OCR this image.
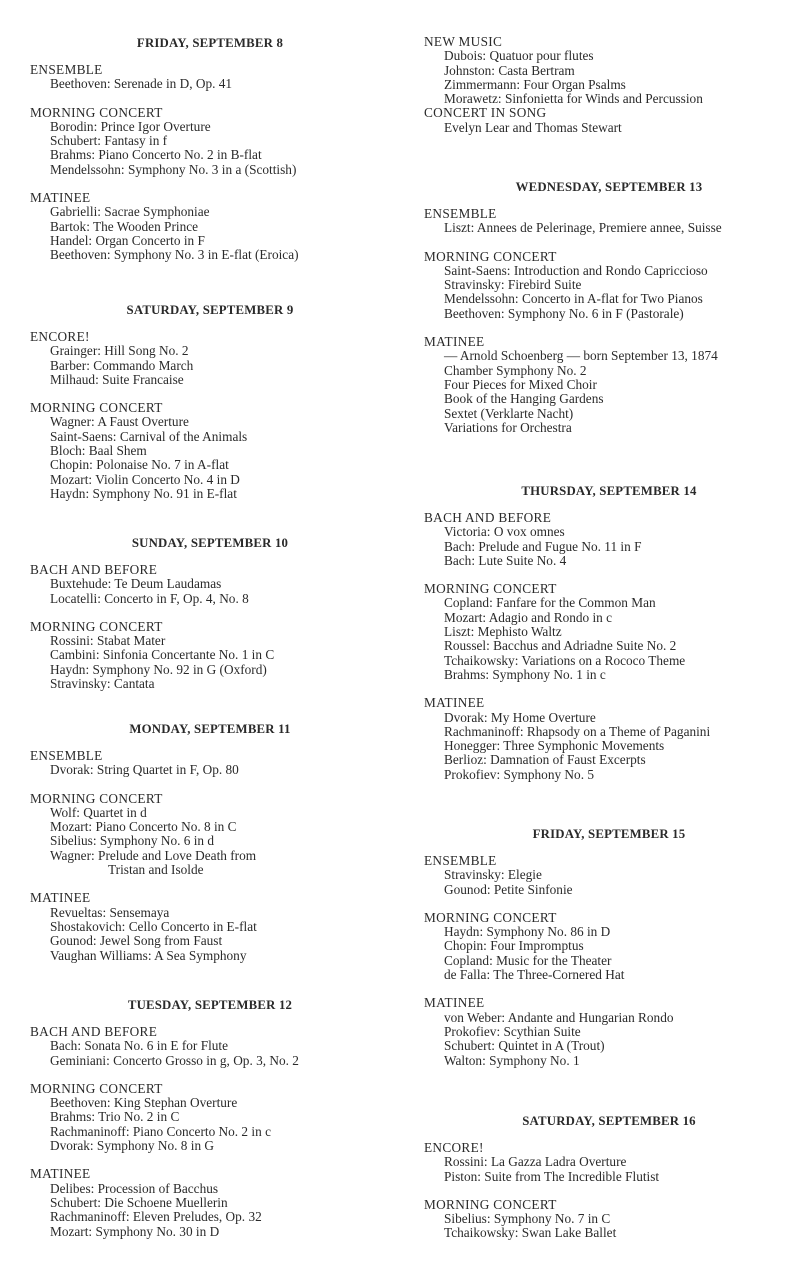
FRIDAY, SEPTEMBER 8
ENSEMBLE
Beethoven: Serenade in D, Op. 41
MORNING CONCERT
Borodin: Prince Igor Overture
Schubert: Fantasy in f
Brahms: Piano Concerto No. 2 in B-flat
Mendelssohn: Symphony No. 3 in a (Scottish)
MATINEE
Gabrielli: Sacrae Symphoniae
Bartok: The Wooden Prince
Handel: Organ Concerto in F
Beethoven: Symphony No. 3 in E-flat (Eroica)
SATURDAY, SEPTEMBER 9
ENCORE!
Grainger: Hill Song No. 2
Barber: Commando March
Milhaud: Suite Francaise
MORNING CONCERT
Wagner: A Faust Overture
Saint-Saens: Carnival of the Animals
Bloch: Baal Shem
Chopin: Polonaise No. 7 in A-flat
Mozart: Violin Concerto No. 4 in D
Haydn: Symphony No. 91 in E-flat
SUNDAY, SEPTEMBER 10
BACH AND BEFORE
Buxtehude: Te Deum Laudamas
Locatelli: Concerto in F, Op. 4, No. 8
MORNING CONCERT
Rossini: Stabat Mater
Cambini: Sinfonia Concertante No. 1 in C
Haydn: Symphony No. 92 in G (Oxford)
Stravinsky: Cantata
MONDAY, SEPTEMBER 11
ENSEMBLE
Dvorak: String Quartet in F, Op. 80
MORNING CONCERT
Wolf: Quartet in d
Mozart: Piano Concerto No. 8 in C
Sibelius: Symphony No. 6 in d
Wagner: Prelude and Love Death from
Tristan and Isolde
MATINEE
Revueltas: Sensemaya
Shostakovich: Cello Concerto in E-flat
Gounod: Jewel Song from Faust
Vaughan Williams: A Sea Symphony
TUESDAY, SEPTEMBER 12
BACH AND BEFORE
Bach: Sonata No. 6 in E for Flute
Geminiani: Concerto Grosso in g, Op. 3, No. 2
MORNING CONCERT
Beethoven: King Stephan Overture
Brahms: Trio No. 2 in C
Rachmaninoff: Piano Concerto No. 2 in c
Dvorak: Symphony No. 8 in G
MATINEE
Delibes: Procession of Bacchus
Schubert: Die Schoene Muellerin
Rachmaninoff: Eleven Preludes, Op. 32
Mozart: Symphony No. 30 in D
NEW MUSIC
Dubois: Quatuor pour flutes
Johnston: Casta Bertram
Zimmermann: Four Organ Psalms
Morawetz: Sinfonietta for Winds and Percussion
CONCERT IN SONG
Evelyn Lear and Thomas Stewart
WEDNESDAY, SEPTEMBER 13
ENSEMBLE
Liszt: Annees de Pelerinage, Premiere annee, Suisse
MORNING CONCERT
Saint-Saens: Introduction and Rondo Capriccioso
Stravinsky: Firebird Suite
Mendelssohn: Concerto in A-flat for Two Pianos
Beethoven: Symphony No. 6 in F (Pastorale)
MATINEE
— Arnold Schoenberg — born September 13, 1874
Chamber Symphony No. 2
Four Pieces for Mixed Choir
Book of the Hanging Gardens
Sextet (Verklarte Nacht)
Variations for Orchestra
THURSDAY, SEPTEMBER 14
BACH AND BEFORE
Victoria: O vox omnes
Bach: Prelude and Fugue No. 11 in F
Bach: Lute Suite No. 4
MORNING CONCERT
Copland: Fanfare for the Common Man
Mozart: Adagio and Rondo in c
Liszt: Mephisto Waltz
Roussel: Bacchus and Adriadne Suite No. 2
Tchaikowsky: Variations on a Rococo Theme
Brahms: Symphony No. 1 in c
MATINEE
Dvorak: My Home Overture
Rachmaninoff: Rhapsody on a Theme of Paganini
Honegger: Three Symphonic Movements
Berlioz: Damnation of Faust Excerpts
Prokofiev: Symphony No. 5
FRIDAY, SEPTEMBER 15
ENSEMBLE
Stravinsky: Elegie
Gounod: Petite Sinfonie
MORNING CONCERT
Haydn: Symphony No. 86 in D
Chopin: Four Impromptus
Copland: Music for the Theater
de Falla: The Three-Cornered Hat
MATINEE
von Weber: Andante and Hungarian Rondo
Prokofiev: Scythian Suite
Schubert: Quintet in A (Trout)
Walton: Symphony No. 1
SATURDAY, SEPTEMBER 16
ENCORE!
Rossini: La Gazza Ladra Overture
Piston: Suite from The Incredible Flutist
MORNING CONCERT
Sibelius: Symphony No. 7 in C
Tchaikowsky: Swan Lake Ballet
